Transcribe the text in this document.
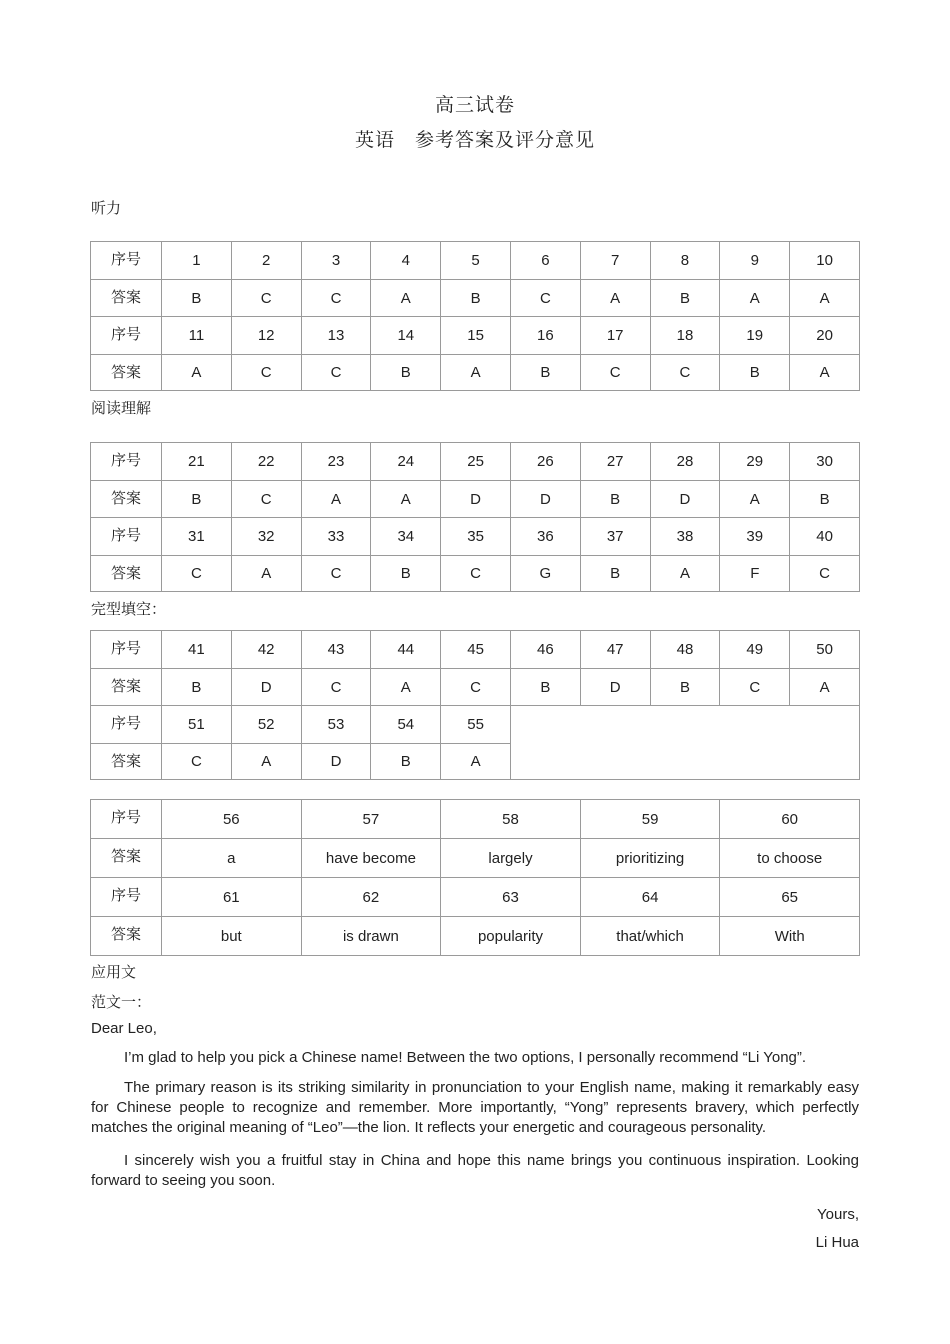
高三试卷
英语　参考答案及评分意见
听力
序号	1	2	3	4	5	6	7	8	9	10
答案	B	C	C	A	B	C	A	B	A	A
序号	11	12	13	14	15	16	17	18	19	20
答案	A	C	C	B	A	B	C	C	B	A
阅读理解
序号	21	22	23	24	25	26	27	28	29	30
答案	B	C	A	A	D	D	B	D	A	B
序号	31	32	33	34	35	36	37	38	39	40
答案	C	A	C	B	C	G	B	A	F	C
完型填空：
序号	41	42	43	44	45	46	47	48	49	50
答案	B	D	C	A	C	B	D	B	C	A
序号	51	52	53	54	55					
答案	C	A	D	B	A					
序号	56	57	58	59	60
答案	a	have become	largely	prioritizing	to choose
序号	61	62	63	64	65
答案	but	is drawn	popularity	that/which	With
应用文
范文一：
Dear Leo,
I’m glad to help you pick a Chinese name! Between the two options, I personally recommend “Li Yong”.
The primary reason is its striking similarity in pronunciation to your English name, making it remarkably easy for Chinese people to recognize and remember. More importantly, “Yong” represents bravery, which perfectly matches the original meaning of “Leo”—the lion. It reflects your energetic and courageous personality.
I sincerely wish you a fruitful stay in China and hope this name brings you continuous inspiration. Looking forward to seeing you soon.
Yours,
Li Hua
